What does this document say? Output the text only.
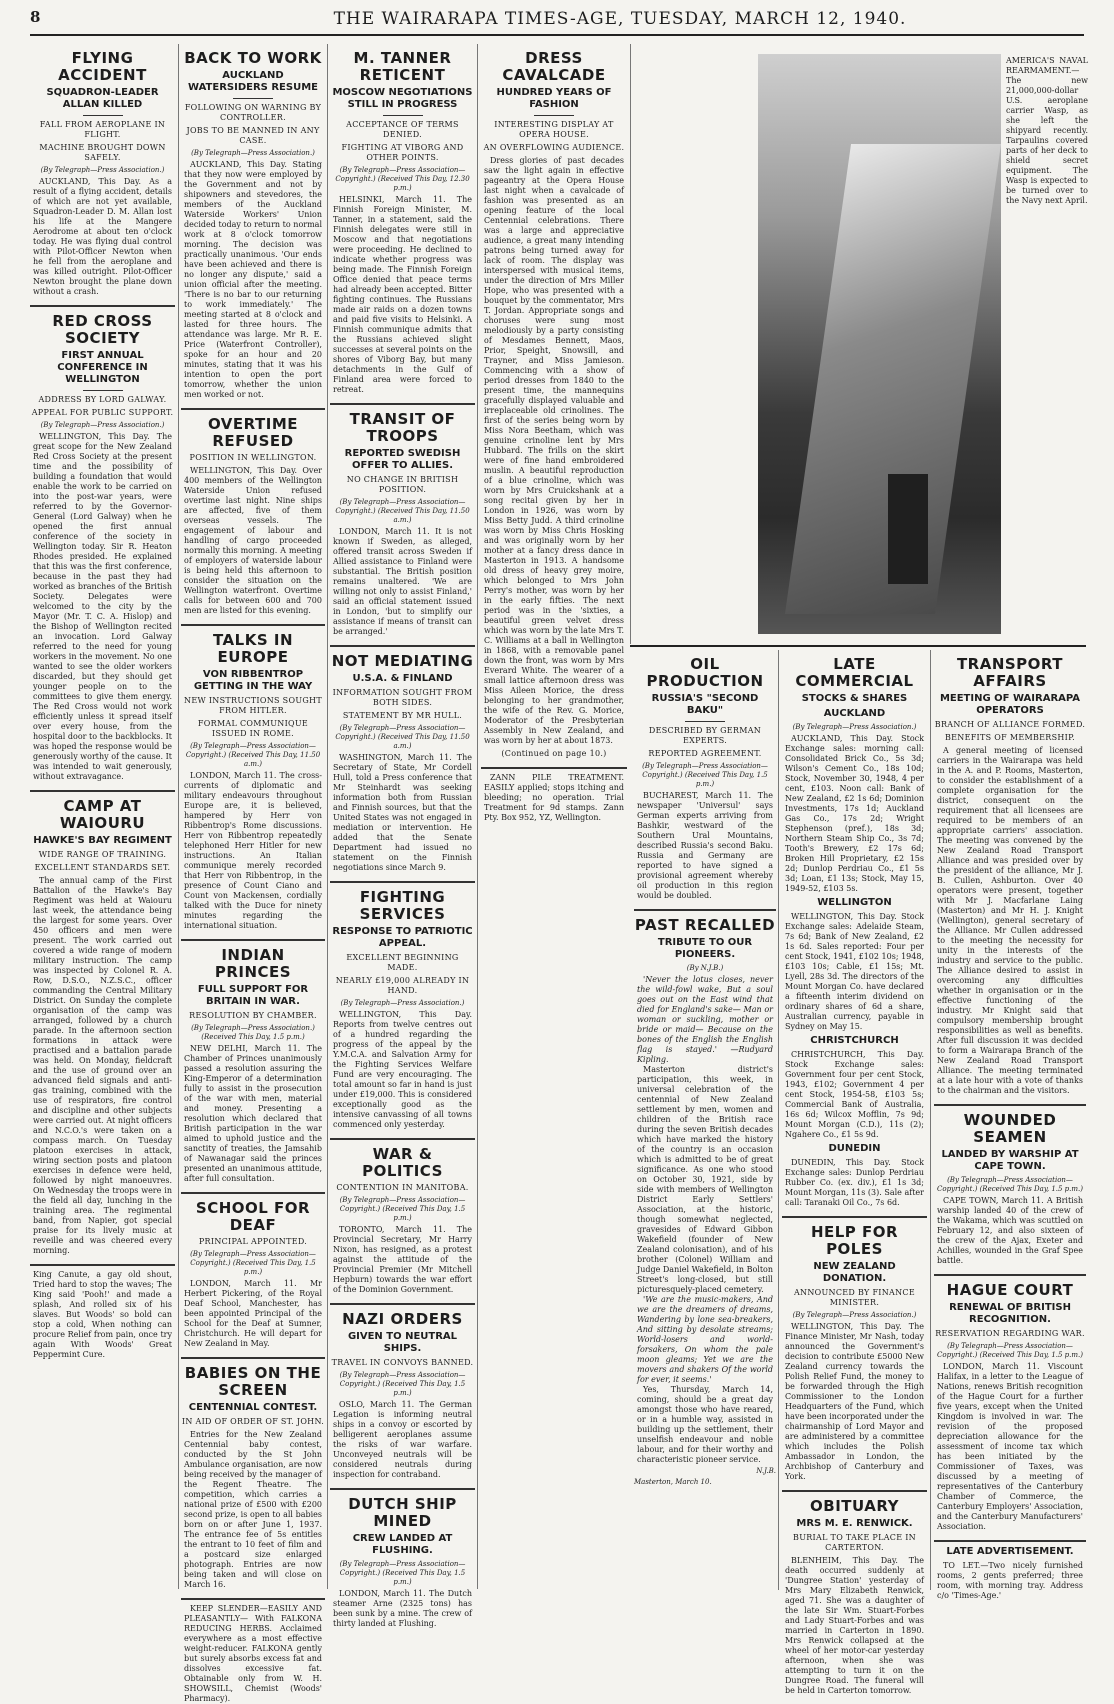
8	THE WAIRARAPA TIMES-AGE, TUESDAY, MARCH 12, 1940.
FLYING ACCIDENT
SQUADRON-LEADER ALLAN KILLED
FALL FROM AEROPLANE IN FLIGHT.
MACHINE BROUGHT DOWN SAFELY.
(By Telegraph—Press Association.)
AUCKLAND, This Day. As a result of a flying accident, details of which are not yet available, Squadron-Leader D. M. Allan lost his life at the Mangere Aerodrome at about ten o'clock today. He was flying dual control with Pilot-Officer Newton when he fell from the aeroplane and was killed outright. Pilot-Officer Newton brought the plane down without a crash.
RED CROSS SOCIETY
FIRST ANNUAL CONFERENCE IN WELLINGTON
ADDRESS BY LORD GALWAY.
APPEAL FOR PUBLIC SUPPORT.
(By Telegraph—Press Association.)
WELLINGTON, This Day. The great scope for the New Zealand Red Cross Society at the present time and the possibility of building a foundation that would enable the work to be carried on into the post-war years, were referred to by the Governor-General (Lord Galway) when he opened the first annual conference of the society in Wellington today. Sir R. Heaton Rhodes presided. He explained that this was the first conference, because in the past they had worked as branches of the British Society. Delegates were welcomed to the city by the Mayor (Mr. T. C. A. Hislop) and the Bishop of Wellington recited an invocation. Lord Galway referred to the need for young workers in the movement. No one wanted to see the older workers discarded, but they should get younger people on to the committees to give them energy. The Red Cross would not work efficiently unless it spread itself over every house, from the hospital door to the backblocks. It was hoped the response would be generously worthy of the cause. It was intended to wait generously, without extravagance.
CAMP AT WAIOURU
HAWKE'S BAY REGIMENT
WIDE RANGE OF TRAINING.
EXCELLENT STANDARDS SET.
The annual camp of the First Battalion of the Hawke's Bay Regiment was held at Waiouru last week, the attendance being the largest for some years. Over 450 officers and men were present. The work carried out covered a wide range of modern military instruction. The camp was inspected by Colonel R. A. Row, D.S.O., N.Z.S.C., officer commanding the Central Military District. On Sunday the complete organisation of the camp was arranged, followed by a church parade. In the afternoon section formations in attack were practised and a battalion parade was held. On Monday, fieldcraft and the use of ground over an advanced field signals and anti-gas training, combined with the use of respirators, fire control and discipline and other subjects were carried out. At night officers and N.C.O.'s were taken on a compass march. On Tuesday platoon exercises in attack, wiring section posts and platoon exercises in defence were held, followed by night manoeuvres. On Wednesday the troops were in the field all day, lunching in the training area. The regimental band, from Napier, got special praise for its lively music at reveille and was cheered every morning.
King Canute, a gay old shout, Tried hard to stop the waves; The King said 'Pooh!' and made a splash, And rolled six of his slaves. But Woods' so bold can stop a cold, When nothing can procure Relief from pain, once try again With Woods' Great Peppermint Cure.
BACK TO WORK
AUCKLAND WATERSIDERS RESUME
FOLLOWING ON WARNING BY CONTROLLER.
JOBS TO BE MANNED IN ANY CASE.
(By Telegraph—Press Association.)
AUCKLAND, This Day. Stating that they now were employed by the Government and not by shipowners and stevedores, the members of the Auckland Waterside Workers' Union decided today to return to normal work at 8 o'clock tomorrow morning. The decision was practically unanimous. 'Our ends have been achieved and there is no longer any dispute,' said a union official after the meeting. 'There is no bar to our returning to work immediately.' The meeting started at 8 o'clock and lasted for three hours. The attendance was large. Mr R. E. Price (Waterfront Controller), spoke for an hour and 20 minutes, stating that it was his intention to open the port tomorrow, whether the union men worked or not.
OVERTIME REFUSED
POSITION IN WELLINGTON.
WELLINGTON, This Day. Over 400 members of the Wellington Waterside Union refused overtime last night. Nine ships are affected, five of them overseas vessels. The engagement of labour and handling of cargo proceeded normally this morning. A meeting of employers of waterside labour is being held this afternoon to consider the situation on the Wellington waterfront. Overtime calls for between 600 and 700 men are listed for this evening.
TALKS IN EUROPE
VON RIBBENTROP GETTING IN THE WAY
NEW INSTRUCTIONS SOUGHT FROM HITLER.
FORMAL COMMUNIQUE ISSUED IN ROME.
(By Telegraph—Press Association—Copyright.) (Received This Day, 11.50 a.m.)
LONDON, March 11. The cross-currents of diplomatic and military endeavours throughout Europe are, it is believed, hampered by Herr von Ribbentrop's Rome discussions. Herr von Ribbentrop repeatedly telephoned Herr Hitler for new instructions. An Italian communique merely recorded that Herr von Ribbentrop, in the presence of Count Ciano and Count von Mackensen, cordially talked with the Duce for ninety minutes regarding the international situation.
INDIAN PRINCES
FULL SUPPORT FOR BRITAIN IN WAR.
RESOLUTION BY CHAMBER.
(By Telegraph—Press Association.) (Received This Day, 1.5 p.m.)
NEW DELHI, March 11. The Chamber of Princes unanimously passed a resolution assuring the King-Emperor of a determination fully to assist in the prosecution of the war with men, material and money. Presenting a resolution which declared that British participation in the war aimed to uphold justice and the sanctity of treaties, the Jamsahib of Nawanagar said the princes presented an unanimous attitude, after full consultation.
SCHOOL FOR DEAF
PRINCIPAL APPOINTED.
(By Telegraph—Press Association—Copyright.) (Received This Day, 1.5 p.m.)
LONDON, March 11. Mr Herbert Pickering, of the Royal Deaf School, Manchester, has been appointed Principal of the School for the Deaf at Sumner, Christchurch. He will depart for New Zealand in May.
BABIES ON THE SCREEN
CENTENNIAL CONTEST.
IN AID OF ORDER OF ST. JOHN.
Entries for the New Zealand Centennial baby contest, conducted by the St John Ambulance organisation, are now being received by the manager of the Regent Theatre. The competition, which carries a national prize of £500 with £200 second prize, is open to all babies born on or after June 1, 1937. The entrance fee of 5s entitles the entrant to 10 feet of film and a postcard size enlarged photograph. Entries are now being taken and will close on March 16.
KEEP SLENDER—EASILY AND PLEASANTLY— With FALKONA REDUCING HERBS. Acclaimed everywhere as a most effective weight-reducer. FALKONA gently but surely absorbs excess fat and dissolves excessive fat. Obtainable only from W. H. SHOWSILL, Chemist (Woods' Pharmacy).
M. TANNER RETICENT
MOSCOW NEGOTIATIONS STILL IN PROGRESS
ACCEPTANCE OF TERMS DENIED.
FIGHTING AT VIBORG AND OTHER POINTS.
(By Telegraph—Press Association—Copyright.) (Received This Day, 12.30 p.m.)
HELSINKI, March 11. The Finnish Foreign Minister, M. Tanner, in a statement, said the Finnish delegates were still in Moscow and that negotiations were proceeding. He declined to indicate whether progress was being made. The Finnish Foreign Office denied that peace terms had already been accepted. Bitter fighting continues. The Russians made air raids on a dozen towns and paid five visits to Helsinki. A Finnish communique admits that the Russians achieved slight successes at several points on the shores of Viborg Bay, but many detachments in the Gulf of Finland area were forced to retreat.
TRANSIT OF TROOPS
REPORTED SWEDISH OFFER TO ALLIES.
NO CHANGE IN BRITISH POSITION.
(By Telegraph—Press Association—Copyright.) (Received This Day, 11.50 a.m.)
LONDON, March 11. It is not known if Sweden, as alleged, offered transit across Sweden if Allied assistance to Finland were substantial. The British position remains unaltered. 'We are willing not only to assist Finland,' said an official statement issued in London, 'but to simplify our assistance if means of transit can be arranged.'
NOT MEDIATING
U.S.A. & FINLAND
INFORMATION SOUGHT FROM BOTH SIDES.
STATEMENT BY MR HULL.
(By Telegraph—Press Association—Copyright.) (Received This Day, 11.50 a.m.)
WASHINGTON, March 11. The Secretary of State, Mr Cordell Hull, told a Press conference that Mr Steinhardt was seeking information both from Russian and Finnish sources, but that the United States was not engaged in mediation or intervention. He added that the Senate Department had issued no statement on the Finnish negotiations since March 9.
FIGHTING SERVICES
RESPONSE TO PATRIOTIC APPEAL.
EXCELLENT BEGINNING MADE.
NEARLY £19,000 ALREADY IN HAND.
(By Telegraph—Press Association.)
WELLINGTON, This Day. Reports from twelve centres out of a hundred regarding the progress of the appeal by the Y.M.C.A. and Salvation Army for the Fighting Services Welfare Fund are very encouraging. The total amount so far in hand is just under £19,000. This is considered exceptionally good as the intensive canvassing of all towns commenced only yesterday.
WAR & POLITICS
CONTENTION IN MANITOBA.
(By Telegraph—Press Association—Copyright.) (Received This Day, 1.5 p.m.)
TORONTO, March 11. The Provincial Secretary, Mr Harry Nixon, has resigned, as a protest against the attitude of the Provincial Premier (Mr Mitchell Hepburn) towards the war effort of the Dominion Government.
NAZI ORDERS
GIVEN TO NEUTRAL SHIPS.
TRAVEL IN CONVOYS BANNED.
(By Telegraph—Press Association—Copyright.) (Received This Day, 1.5 p.m.)
OSLO, March 11. The German Legation is informing neutral ships in a convoy or escorted by belligerent aeroplanes assume the risks of war warfare. Unconveyed neutrals will be considered neutrals during inspection for contraband.
DUTCH SHIP MINED
CREW LANDED AT FLUSHING.
(By Telegraph—Press Association—Copyright.) (Received This Day, 1.5 p.m.)
LONDON, March 11. The Dutch steamer Arne (2325 tons) has been sunk by a mine. The crew of thirty landed at Flushing.
DRESS CAVALCADE
HUNDRED YEARS OF FASHION
INTERESTING DISPLAY AT OPERA HOUSE.
AN OVERFLOWING AUDIENCE.
Dress glories of past decades saw the light again in effective pageantry at the Opera House last night when a cavalcade of fashion was presented as an opening feature of the local Centennial celebrations. There was a large and appreciative audience, a great many intending patrons being turned away for lack of room. The display was interspersed with musical items, under the direction of Mrs Miller Hope, who was presented with a bouquet by the commentator, Mrs T. Jordan. Appropriate songs and choruses were sung most melodiously by a party consisting of Mesdames Bennett, Maos, Prior, Speight, Snowsill, and Trayner, and Miss Jamieson. Commencing with a show of period dresses from 1840 to the present time, the mannequins gracefully displayed valuable and irreplaceable old crinolines. The first of the series being worn by Miss Nora Beetham, which was genuine crinoline lent by Mrs Hubbard. The frills on the skirt were of fine hand embroidered muslin. A beautiful reproduction of a blue crinoline, which was worn by Mrs Cruickshank at a song recital given by her in London in 1926, was worn by Miss Betty Judd. A third crinoline was worn by Miss Chris Hosking and was originally worn by her mother at a fancy dress dance in Masterton in 1913. A handsome old dress of heavy grey moire, which belonged to Mrs John Perry's mother, was worn by her in the early fifties. The next period was in the 'sixties, a beautiful green velvet dress which was worn by the late Mrs T. C. Williams at a ball in Wellington in 1868, with a removable panel down the front, was worn by Mrs Everard White. The wearer of a small lattice afternoon dress was Miss Aileen Morice, the dress belonging to her grandmother, the wife of the Rev. G. Morice, Moderator of the Presbyterian Assembly in New Zealand, and was worn by her at about 1873.
(Continued on page 10.)
ZANN PILE TREATMENT. EASILY applied; stops itching and bleeding; no operation. Trial Treatment for 9d stamps. Zann Pty. Box 952, YZ, Wellington.
AMERICA'S NAVAL REARMAMENT.—The new 21,000,000-dollar U.S. aeroplane carrier Wasp, as she left the shipyard recently. Tarpaulins covered parts of her deck to shield secret equipment. The Wasp is expected to be turned over to the Navy next April.
OIL PRODUCTION
RUSSIA'S "SECOND BAKU"
DESCRIBED BY GERMAN EXPERTS.
REPORTED AGREEMENT.
(By Telegraph—Press Association—Copyright.) (Received This Day, 1.5 p.m.)
BUCHAREST, March 11. The newspaper 'Universul' says German experts arriving from Bashkir, westward of the Southern Ural Mountains, described Russia's second Baku. Russia and Germany are reported to have signed a provisional agreement whereby oil production in this region would be doubled.
PAST RECALLED
TRIBUTE TO OUR PIONEERS.
(By N.J.B.)
'Never the lotus closes, never the wild-fowl wake, But a soul goes out on the East wind that died for England's sake— Man or woman or suckling, mother or bride or maid— Because on the bones of the English the English flag is stayed.' —Rudyard Kipling.
Masterton district's participation, this week, in universal celebration of the centennial of New Zealand settlement by men, women and children of the British race during the seven British decades which have marked the history of the country is an occasion which is admitted to be of great significance. As one who stood on October 30, 1921, side by side with members of Wellington District Early Settlers' Association, at the historic, though somewhat neglected, gravesides of Edward Gibbon Wakefield (founder of New Zealand colonisation), and of his brother (Colonel) William and Judge Daniel Wakefield, in Bolton Street's long-closed, but still picturesquely-placed cemetery.
'We are the music-makers, And we are the dreamers of dreams, Wandering by lone sea-breakers, And sitting by desolate streams; World-losers and world-forsakers, On whom the pale moon gleams; Yet we are the movers and shakers Of the world for ever, it seems.'
Yes, Thursday, March 14, coming, should be a great day amongst those who have reared, or in a humble way, assisted in building up the settlement, their unselfish endeavour and noble labour, and for their worthy and characteristic pioneer service.
N.J.B.
Masterton, March 10.
LATE COMMERCIAL
STOCKS & SHARES
AUCKLAND
(By Telegraph—Press Association.)
AUCKLAND, This Day. Stock Exchange sales: morning call: Consolidated Brick Co., 5s 3d; Wilson's Cement Co., 18s 10d; Stock, November 30, 1948, 4 per cent, £103. Noon call: Bank of New Zealand, £2 1s 6d; Dominion Investments, 17s 1d; Auckland Gas Co., 17s 2d; Wright Stephenson (pref.), 18s 3d; Northern Steam Ship Co., 3s 7d; Tooth's Brewery, £2 17s 6d; Broken Hill Proprietary, £2 15s 2d; Dunlop Perdriau Co., £1 5s 3d; Loan, £1 13s; Stock, May 15, 1949-52, £103 5s.
WELLINGTON
WELLINGTON, This Day. Stock Exchange sales: Adelaide Steam, 7s 6d; Bank of New Zealand, £2 1s 6d. Sales reported: Four per cent Stock, 1941, £102 10s; 1948, £103 10s; Cable, £1 15s; Mt. Lyell, 28s 3d. The directors of the Mount Morgan Co. have declared a fifteenth interim dividend on ordinary shares of 6d a share, Australian currency, payable in Sydney on May 15.
CHRISTCHURCH
CHRISTCHURCH, This Day. Stock Exchange sales: Government four per cent Stock, 1943, £102; Government 4 per cent Stock, 1954-58, £103 5s; Commercial Bank of Australia, 16s 6d; Wilcox Mofflin, 7s 9d; Mount Morgan (C.D.), 11s (2); Ngahere Co., £1 5s 9d.
DUNEDIN
DUNEDIN, This Day. Stock Exchange sales: Dunlop Perdriau Rubber Co. (ex. div.), £1 1s 3d; Mount Morgan, 11s (3). Sale after call: Taranaki Oil Co., 7s 6d.
HELP FOR POLES
NEW ZEALAND DONATION.
ANNOUNCED BY FINANCE MINISTER.
(By Telegraph—Press Association.)
WELLINGTON, This Day. The Finance Minister, Mr Nash, today announced the Government's decision to contribute £5000 New Zealand currency towards the Polish Relief Fund, the money to be forwarded through the High Commissioner to the London Headquarters of the Fund, which have been incorporated under the chairmanship of Lord Mayor and are administered by a committee which includes the Polish Ambassador in London, the Archbishop of Canterbury and York.
OBITUARY
MRS M. E. RENWICK.
BURIAL TO TAKE PLACE IN CARTERTON.
BLENHEIM, This Day. The death occurred suddenly at 'Dungree Station' yesterday of Mrs Mary Elizabeth Renwick, aged 71. She was a daughter of the late Sir Wm. Stuart-Forbes and Lady Stuart-Forbes and was married in Carterton in 1890. Mrs Renwick collapsed at the wheel of her motor-car yesterday afternoon, when she was attempting to turn it on the Dungree Road. The funeral will be held in Carterton tomorrow.
TRANSPORT AFFAIRS
MEETING OF WAIRARAPA OPERATORS
BRANCH OF ALLIANCE FORMED.
BENEFITS OF MEMBERSHIP.
A general meeting of licensed carriers in the Wairarapa was held in the A. and P. Rooms, Masterton, to consider the establishment of a complete organisation for the district, consequent on the requirement that all licensees are required to be members of an appropriate carriers' association. The meeting was convened by the New Zealand Road Transport Alliance and was presided over by the president of the alliance, Mr J. B. Cullen, Ashburton. Over 40 operators were present, together with Mr J. Macfarlane Laing (Masterton) and Mr H. J. Knight (Wellington), general secretary of the Alliance. Mr Cullen addressed to the meeting the necessity for unity in the interests of the industry and service to the public. The Alliance desired to assist in overcoming any difficulties whether in organisation or in the effective functioning of the industry. Mr Knight said that compulsory membership brought responsibilities as well as benefits. After full discussion it was decided to form a Wairarapa Branch of the New Zealand Road Transport Alliance. The meeting terminated at a late hour with a vote of thanks to the chairman and the visitors.
WOUNDED SEAMEN
LANDED BY WARSHIP AT CAPE TOWN.
(By Telegraph—Press Association—Copyright.) (Received This Day, 1.5 p.m.)
CAPE TOWN, March 11. A British warship landed 40 of the crew of the Wakama, which was scuttled on February 12, and also sixteen of the crew of the Ajax, Exeter and Achilles, wounded in the Graf Spee battle.
HAGUE COURT
RENEWAL OF BRITISH RECOGNITION.
RESERVATION REGARDING WAR.
(By Telegraph—Press Association—Copyright.) (Received This Day, 1.5 p.m.)
LONDON, March 11. Viscount Halifax, in a letter to the League of Nations, renews British recognition of the Hague Court for a further five years, except when the United Kingdom is involved in war. The revision of the proposed depreciation allowance for the assessment of income tax which has been initiated by the Commissioner of Taxes, was discussed by a meeting of representatives of the Canterbury Chamber of Commerce, the Canterbury Employers' Association, and the Canterbury Manufacturers' Association.
LATE ADVERTISEMENT.
TO LET.—Two nicely furnished rooms, 2 gents preferred; three room, with morning tray. Address c/o 'Times-Age.'
